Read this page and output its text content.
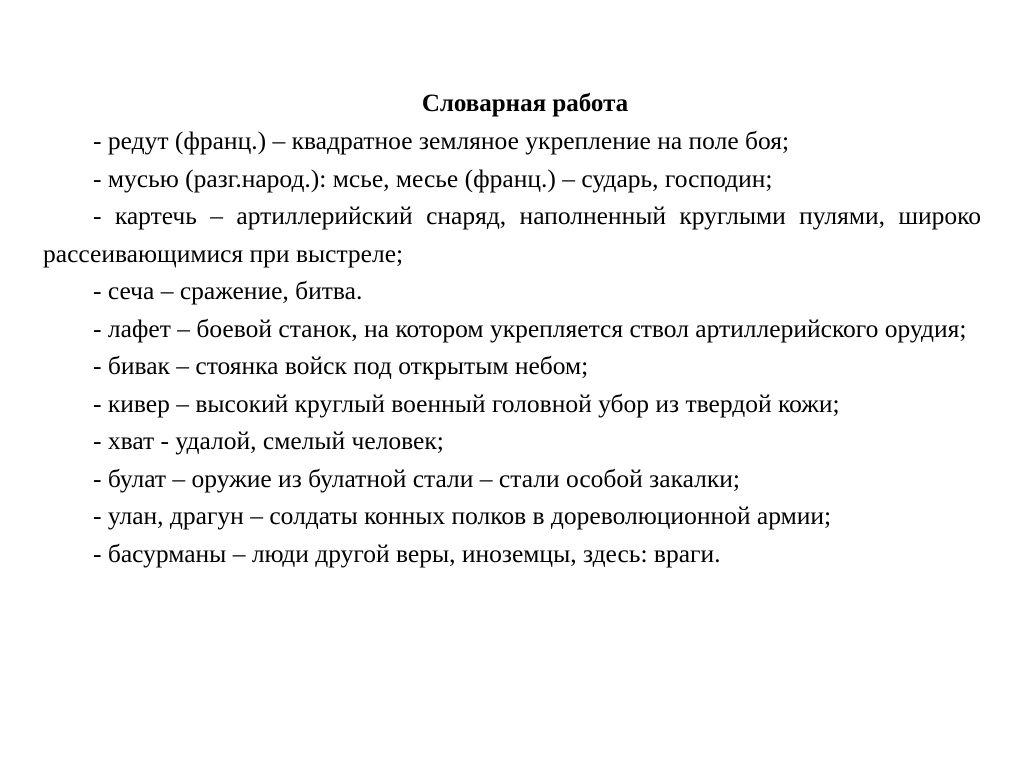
Словарная работа

- редут (франц.) – квадратное земляное укрепление на поле боя;

- мусью (разг.народ.): мсье, месье (франц.) – сударь, господин;

- картечь – артиллерийский снаряд, наполненный круглыми пулями, широко рассеивающимися при выстреле;

- сеча – сражение, битва.

- лафет – боевой станок, на котором укрепляется ствол артиллерийского орудия;

- бивак – стоянка войск под открытым небом;

- кивер – высокий круглый военный головной убор из твердой кожи;

- хват - удалой, смелый человек;

- булат – оружие из булатной стали – стали особой закалки;

- улан, драгун – солдаты конных полков в дореволюционной армии;

- басурманы – люди другой веры, иноземцы, здесь: враги.
